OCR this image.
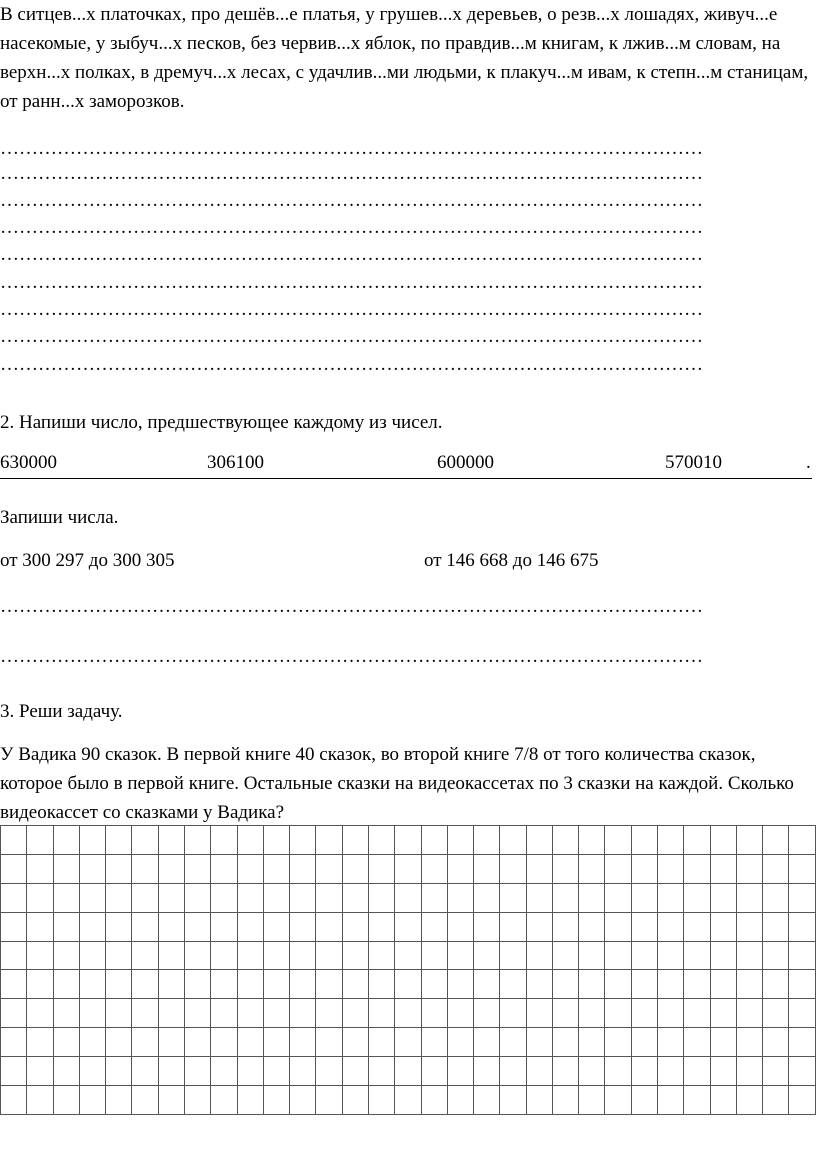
В ситцев...х платочках, про дешёв...е платья, у грушев...х деревьев, о резв...х лошадях, живуч...е насекомые, у зыбуч...х песков, без червив...х яблок, по правдив...м книгам, к лжив...м словам, на верхн...х полках, в дремуч...х лесах, с удачлив...ми людьми, к плакуч...м ивам, к степн...м станицам, от ранн...х заморозков.

…………………………………………………………………………………………………
…………………………………………………………………………………………………
…………………………………………………………………………………………………
…………………………………………………………………………………………………
…………………………………………………………………………………………………
…………………………………………………………………………………………………
…………………………………………………………………………………………………
…………………………………………………………………………………………………
…………………………………………………………………………………………………

2. Напиши число, предшествующее каждому из чисел.

630000	306100	600000	570010	.

Запиши числа.

от 300 297 до 300 305	от 146 668 до 146 675
…………………………………………………………………………………………………
…………………………………………………………………………………………………

3. Реши задачу.

У Вадика 90 сказок. В первой книге 40 сказок, во второй книге 7/8 от того количества сказок, которое было в первой книге. Остальные сказки на видеокассетах по 3 сказки на каждой. Сколько видеокассет со сказками у Вадика?
